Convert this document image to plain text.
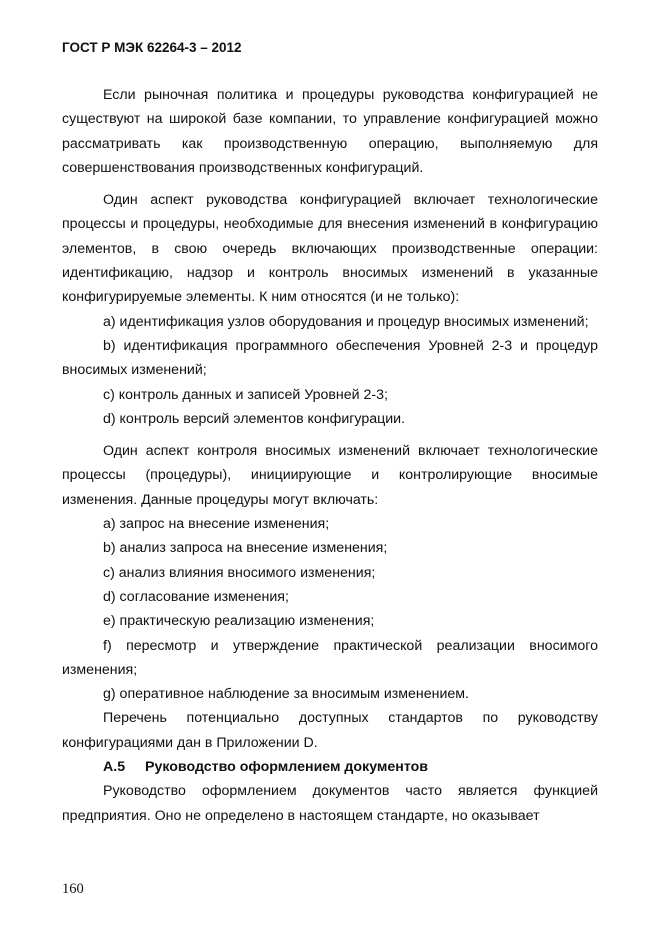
ГОСТ Р МЭК 62264-3 – 2012

Если рыночная политика и процедуры руководства конфигурацией не существуют на широкой базе компании, то управление конфигурацией можно рассматривать как производственную операцию, выполняемую для совершенствования производственных конфигураций.

Один аспект руководства конфигурацией включает технологические процессы и процедуры, необходимые для внесения изменений в конфигурацию элементов, в свою очередь включающих производственные операции: идентификацию, надзор и контроль вносимых изменений в указанные конфигурируемые элементы. К ним относятся (и не только):

а) идентификация узлов оборудования и процедур вносимых изменений;

b) идентификация программного обеспечения Уровней 2-3 и процедур вносимых изменений;

c) контроль данных и записей Уровней 2-3;

d) контроль версий элементов конфигурации.

Один аспект контроля вносимых изменений включает технологические процессы (процедуры), инициирующие и контролирующие вносимые изменения. Данные процедуры могут включать:

a) запрос на внесение изменения;

b) анализ запроса на внесение изменения;

c) анализ влияния вносимого изменения;

d) согласование изменения;

e) практическую реализацию изменения;

f) пересмотр и утверждение практической реализации вносимого изменения;

g) оперативное наблюдение за вносимым изменением.

Перечень потенциально доступных стандартов по руководству конфигурациями дан в Приложении D.

А.5 Руководство оформлением документов

Руководство оформлением документов часто является функцией предприятия. Оно не определено в настоящем стандарте, но оказывает

160
